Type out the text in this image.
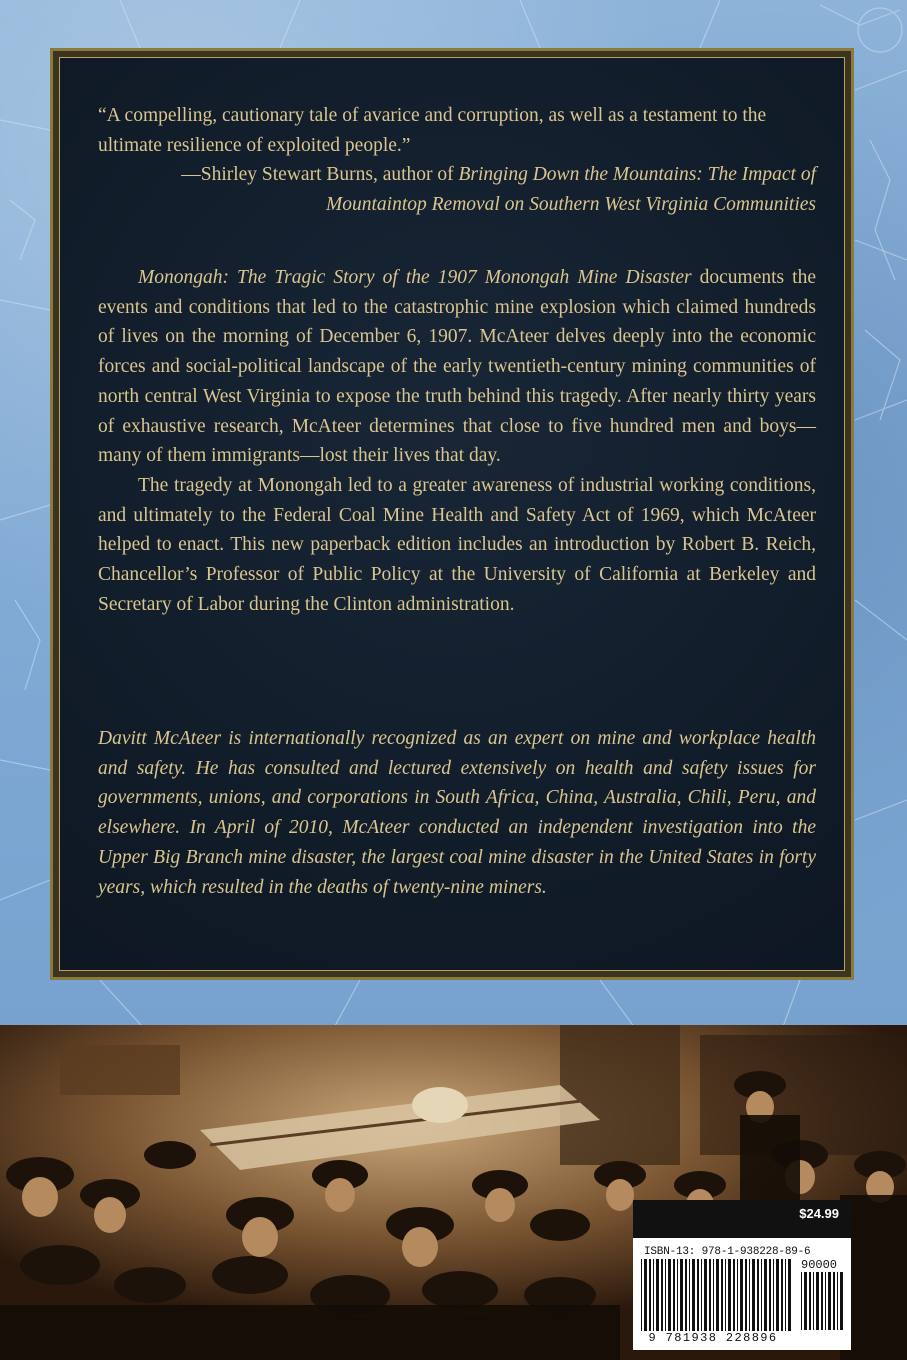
“A compelling, cautionary tale of avarice and corruption, as well as a testament to the ultimate resilience of exploited people.”

—Shirley Stewart Burns, author of Bringing Down the Mountains: The Impact of Mountaintop Removal on Southern West Virginia Communities

Monongah: The Tragic Story of the 1907 Monongah Mine Disaster documents the events and conditions that led to the catastrophic mine explosion which claimed hundreds of lives on the morning of December 6, 1907. McAteer delves deeply into the economic forces and social-political landscape of the early twentieth-century mining communities of north central West Virginia to expose the truth behind this tragedy. After nearly thirty years of exhaustive research, McAteer determines that close to five hundred men and boys—many of them immigrants—lost their lives that day.

The tragedy at Monongah led to a greater awareness of industrial working conditions, and ultimately to the Federal Coal Mine Health and Safety Act of 1969, which McAteer helped to enact. This new paperback edition includes an introduction by Robert B. Reich, Chancellor’s Professor of Public Policy at the University of California at Berkeley and Secretary of Labor during the Clinton administration.

Davitt McAteer is internationally recognized as an expert on mine and workplace health and safety. He has consulted and lectured extensively on health and safety issues for governments, unions, and corporations in South Africa, China, Australia, Chili, Peru, and elsewhere. In April of 2010, McAteer conducted an independent investigation into the Upper Big Branch mine disaster, the largest coal mine disaster in the United States in forty years, which resulted in the deaths of twenty-nine miners.

$24.99
ISBN-13: 978-1-938228-89-6
90000
9 781938 228896
